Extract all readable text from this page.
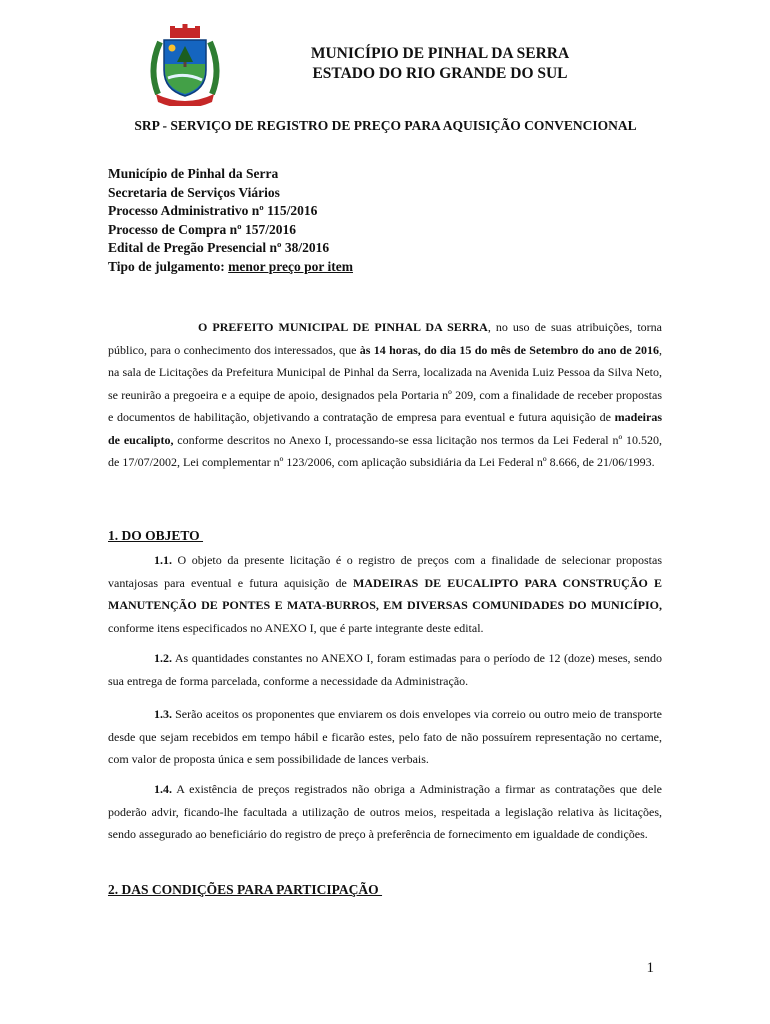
MUNICÍPIO DE PINHAL DA SERRA
ESTADO DO RIO GRANDE DO SUL
SRP - SERVIÇO DE REGISTRO DE PREÇO PARA AQUISIÇÃO CONVENCIONAL
Município de Pinhal da Serra
Secretaria de Serviços Viários
Processo Administrativo nº 115/2016
Processo de Compra nº 157/2016
Edital de Pregão Presencial nº 38/2016
Tipo de julgamento: menor preço por item
O PREFEITO MUNICIPAL DE PINHAL DA SERRA, no uso de suas atribuições, torna público, para o conhecimento dos interessados, que às 14 horas, do dia 15 do mês de Setembro do ano de 2016, na sala de Licitações da Prefeitura Municipal de Pinhal da Serra, localizada na Avenida Luiz Pessoa da Silva Neto, se reunirão a pregoeira e a equipe de apoio, designados pela Portaria nº 209, com a finalidade de receber propostas e documentos de habilitação, objetivando a contratação de empresa para eventual e futura aquisição de madeiras de eucalipto, conforme descritos no Anexo I, processando-se essa licitação nos termos da Lei Federal nº 10.520, de 17/07/2002, Lei complementar nº 123/2006, com aplicação subsidiária da Lei Federal nº 8.666, de 21/06/1993.
1. DO OBJETO
1.1. O objeto da presente licitação é o registro de preços com a finalidade de selecionar propostas vantajosas para eventual e futura aquisição de MADEIRAS DE EUCALIPTO PARA CONSTRUÇÃO E MANUTENÇÃO DE PONTES E MATA-BURROS, EM DIVERSAS COMUNIDADES DO MUNICÍPIO, conforme itens especificados no ANEXO I, que é parte integrante deste edital.
1.2. As quantidades constantes no ANEXO I, foram estimadas para o período de 12 (doze) meses, sendo sua entrega de forma parcelada, conforme a necessidade da Administração.
1.3. Serão aceitos os proponentes que enviarem os dois envelopes via correio ou outro meio de transporte desde que sejam recebidos em tempo hábil e ficarão estes, pelo fato de não possuírem representação no certame, com valor de proposta única e sem possibilidade de lances verbais.
1.4. A existência de preços registrados não obriga a Administração a firmar as contratações que dele poderão advir, ficando-lhe facultada a utilização de outros meios, respeitada a legislação relativa às licitações, sendo assegurado ao beneficiário do registro de preço à preferência de fornecimento em igualdade de condições.
2. DAS CONDIÇÕES PARA PARTICIPAÇÃO
1
